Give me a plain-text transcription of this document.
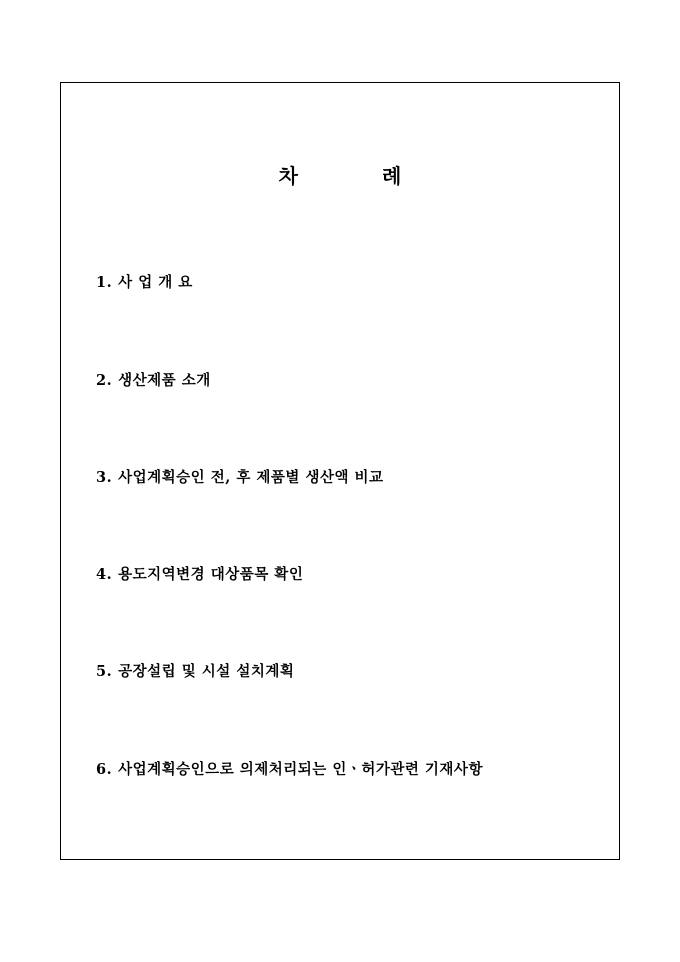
차	례
1. 사 업 개 요
2. 생산제품 소개
3. 사업계획승인 전, 후 제품별 생산액 비교
4. 용도지역변경 대상품목 확인
5. 공장설립 및 시설 설치계획
6. 사업계획승인으로 의제처리되는 인ㆍ허가관련 기재사항
